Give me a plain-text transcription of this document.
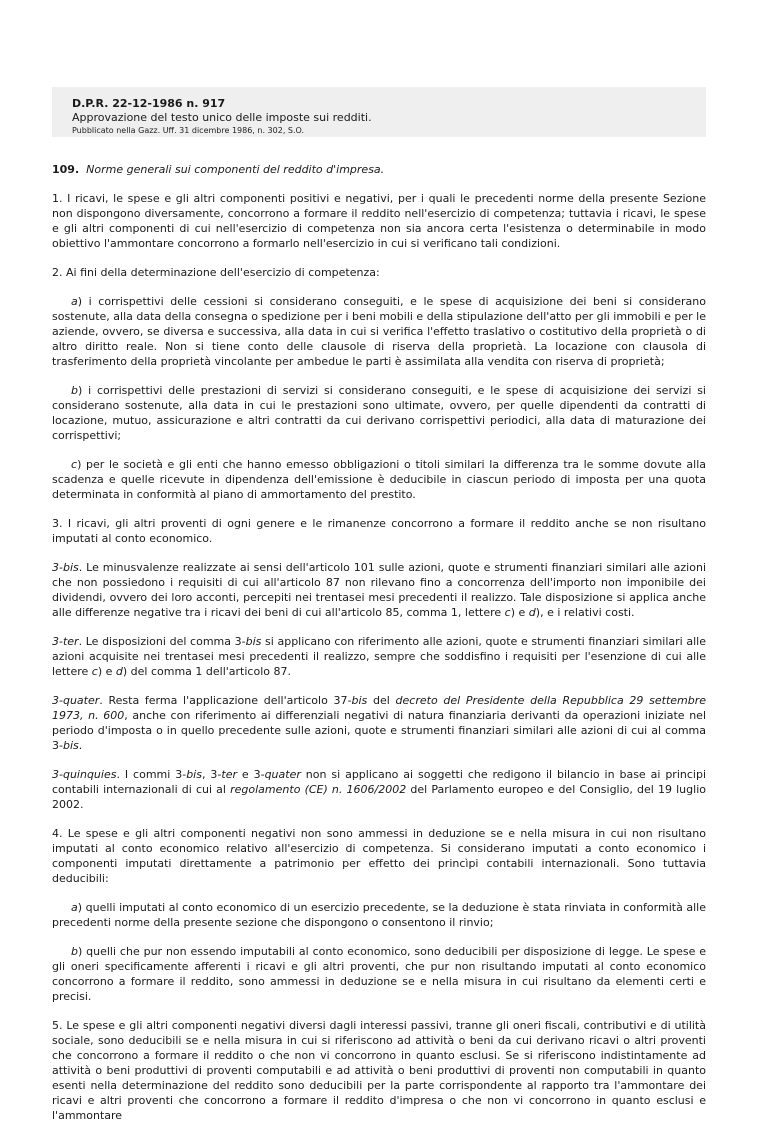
D.P.R. 22-12-1986 n. 917
Approvazione del testo unico delle imposte sui redditi.
Pubblicato nella Gazz. Uff. 31 dicembre 1986, n. 302, S.O.
109. Norme generali sui componenti del reddito d'impresa.

1. I ricavi, le spese e gli altri componenti positivi e negativi, per i quali le precedenti norme della presente Sezione non dispongono diversamente, concorrono a formare il reddito nell'esercizio di competenza; tuttavia i ricavi, le spese e gli altri componenti di cui nell'esercizio di competenza non sia ancora certa l'esistenza o determinabile in modo obiettivo l'ammontare concorrono a formarlo nell'esercizio in cui si verificano tali condizioni.

2. Ai fini della determinazione dell'esercizio di competenza:

a) i corrispettivi delle cessioni si considerano conseguiti, e le spese di acquisizione dei beni si considerano sostenute, alla data della consegna o spedizione per i beni mobili e della stipulazione dell'atto per gli immobili e per le aziende, ovvero, se diversa e successiva, alla data in cui si verifica l'effetto traslativo o costitutivo della proprietà o di altro diritto reale. Non si tiene conto delle clausole di riserva della proprietà. La locazione con clausola di trasferimento della proprietà vincolante per ambedue le parti è assimilata alla vendita con riserva di proprietà;

b) i corrispettivi delle prestazioni di servizi si considerano conseguiti, e le spese di acquisizione dei servizi si considerano sostenute, alla data in cui le prestazioni sono ultimate, ovvero, per quelle dipendenti da contratti di locazione, mutuo, assicurazione e altri contratti da cui derivano corrispettivi periodici, alla data di maturazione dei corrispettivi;

c) per le società e gli enti che hanno emesso obbligazioni o titoli similari la differenza tra le somme dovute alla scadenza e quelle ricevute in dipendenza dell'emissione è deducibile in ciascun periodo di imposta per una quota determinata in conformità al piano di ammortamento del prestito.

3. I ricavi, gli altri proventi di ogni genere e le rimanenze concorrono a formare il reddito anche se non risultano imputati al conto economico.

3-bis. Le minusvalenze realizzate ai sensi dell'articolo 101 sulle azioni, quote e strumenti finanziari similari alle azioni che non possiedono i requisiti di cui all'articolo 87 non rilevano fino a concorrenza dell'importo non imponibile dei dividendi, ovvero dei loro acconti, percepiti nei trentasei mesi precedenti il realizzo. Tale disposizione si applica anche alle differenze negative tra i ricavi dei beni di cui all'articolo 85, comma 1, lettere c) e d), e i relativi costi.

3-ter. Le disposizioni del comma 3-bis si applicano con riferimento alle azioni, quote e strumenti finanziari similari alle azioni acquisite nei trentasei mesi precedenti il realizzo, sempre che soddisfino i requisiti per l'esenzione di cui alle lettere c) e d) del comma 1 dell'articolo 87.

3-quater. Resta ferma l'applicazione dell'articolo 37-bis del decreto del Presidente della Repubblica 29 settembre 1973, n. 600, anche con riferimento ai differenziali negativi di natura finanziaria derivanti da operazioni iniziate nel periodo d'imposta o in quello precedente sulle azioni, quote e strumenti finanziari similari alle azioni di cui al comma 3-bis.

3-quinquies. I commi 3-bis, 3-ter e 3-quater non si applicano ai soggetti che redigono il bilancio in base ai principi contabili internazionali di cui al regolamento (CE) n. 1606/2002 del Parlamento europeo e del Consiglio, del 19 luglio 2002.

4. Le spese e gli altri componenti negativi non sono ammessi in deduzione se e nella misura in cui non risultano imputati al conto economico relativo all'esercizio di competenza. Si considerano imputati a conto economico i componenti imputati direttamente a patrimonio per effetto dei princìpi contabili internazionali. Sono tuttavia deducibili:

a) quelli imputati al conto economico di un esercizio precedente, se la deduzione è stata rinviata in conformità alle precedenti norme della presente sezione che dispongono o consentono il rinvio;

b) quelli che pur non essendo imputabili al conto economico, sono deducibili per disposizione di legge. Le spese e gli oneri specificamente afferenti i ricavi e gli altri proventi, che pur non risultando imputati al conto economico concorrono a formare il reddito, sono ammessi in deduzione se e nella misura in cui risultano da elementi certi e precisi.

5. Le spese e gli altri componenti negativi diversi dagli interessi passivi, tranne gli oneri fiscali, contributivi e di utilità sociale, sono deducibili se e nella misura in cui si riferiscono ad attività o beni da cui derivano ricavi o altri proventi che concorrono a formare il reddito o che non vi concorrono in quanto esclusi. Se si riferiscono indistintamente ad attività o beni produttivi di proventi computabili e ad attività o beni produttivi di proventi non computabili in quanto esenti nella determinazione del reddito sono deducibili per la parte corrispondente al rapporto tra l'ammontare dei ricavi e altri proventi che concorrono a formare il reddito d'impresa o che non vi concorrono in quanto esclusi e l'ammontare
